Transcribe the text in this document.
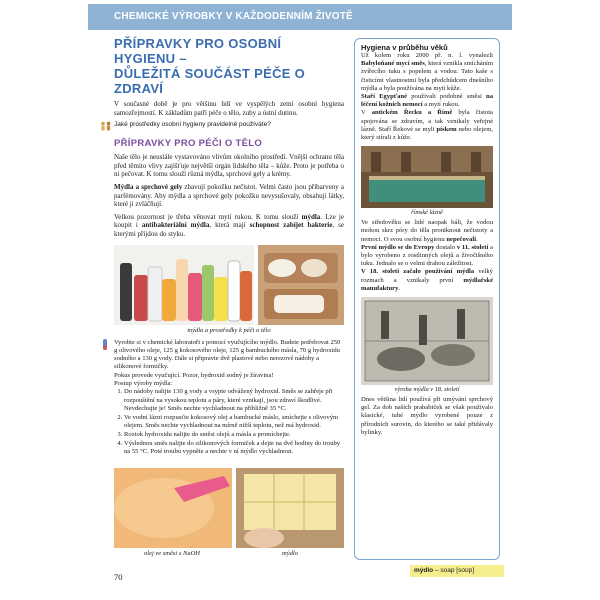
CHEMICKÉ VÝROBKY V KAŽDODENNÍM ŽIVOTĚ
PŘÍPRAVKY PRO OSOBNÍ HYGIENU –
DŮLEŽITÁ SOUČÁST PÉČE O ZDRAVÍ

V současné době je pro většinu lidí ve vyspělých zemí osobní hygiena samozřejmostí. K základům patří péče o tělo, zuby a ústní dutinu.

Jaké prostředky osobní hygieny pravidelně používáte?
PŘÍPRAVKY PRO PÉČI O TĚLO

Naše tělo je neustále vystavováno vlivům okolního prostředí. Vnější ochranu těla před těmito vlivy zajišťuje největší orgán lidského těla – kůže. Proto je potřeba o ni pečovat. K tomu slouží různá mýdla, sprchové gely a krémy.

Mýdla a sprchové gely zbavují pokožku nečistot. Velmi často jsou přibarveny a parfémovány. Aby mýdla a sprchové gely pokožku nevysušovaly, obsahují látky, které ji zvláčňují.

Velkou pozornost je třeba věnovat mytí rukou. K tomu slouží mýdla. Lze je koupit i antibakteriální mýdla, která mají schopnost zabíjet bakterie, se kterými přijdou do styku.

mýdla a prostředky k péči o tělo

Vyrobte si v chemické laboratoři s pomocí vyučujícího mýdlo. Budete potřebovat 250 g olivového oleje, 125 g kokosového oleje, 125 g bambuckého másla, 70 g hydroxidu sodného a 130 g vody. Dále si připravte dvě plastové nebo nerezové nádoby a silikonové formičky.

Pokus provede vyučující. Pozor, hydroxid sodný je žíravina!

Postup výroby mýdla:

1. Do nádoby nalijte 130 g vody a vsypte odvážený hydroxid. Směs se zahřeje při rozpouštění na vysokou teplotu a páry, které vznikají, jsou zdraví škodlivé. Nevdechujte je! Směs nechte vychladnout na přibližně 35 °C.
2. Ve vodní lázni rozpusťte kokosový olej a bambucké máslo, smíchejte s olivovým olejem. Směs nechte vychladnout na mírně nižší teplotu, než má hydroxid.
3. Roztok hydroxidu nalijte do směsi olejů a másla a promíchejte.
4. Výslednou směs nalijte do silikonových formiček a dejte na dvě hodiny do trouby na 55 °C. Poté troubu vypněte a nechte v ní mýdlo vychladnout.
olej ve směsi s NaOH	mýdlo
Hygiena v průběhu věků

Už kolem roku 2000 př. n. l. vynalezli Babyloňané mycí směs, která vznikla smícháním zvířecího tuku s popelem a vodou. Tato kaše s čisticími vlastnostmi byla předchůdcem dnešního mýdla a byla používána na mytí kůže.

Staří Egypťané používali podobné směsi na léčení kožních nemocí a mytí rukou.

V antickém Řecku a Římě byla čistota spojována se zdravím, a tak vznikaly veřejné lázně. Staří Řekové se myli pískem nebo olejem, který stírali z kůže.

římské lázně

Ve středověku se lidé naopak báli, že vodou mohou skrz póry do těla proniknout nečistoty a nemoci. O svou osobní hygienu nepečovali.

První mýdlo se do Evropy dostalo v 11. století a bylo vyrobeno z rostlinných olejů a živočišného tuku. Jednalo se o velmi drahou záležitost.

V 18. století začalo používání mýdla velký rozmach a vznikaly první mýdlařské manufaktury.

výroba mýdla v 18. století

Dnes většina lidí používá při umývání sprchový gel. Za dob našich prababiček se však používalo klasické, tuhé mýdlo vyrobené pouze z přírodních surovin, do kterého se také přidávaly bylinky.

70
mýdlo – soap [soʊp]
